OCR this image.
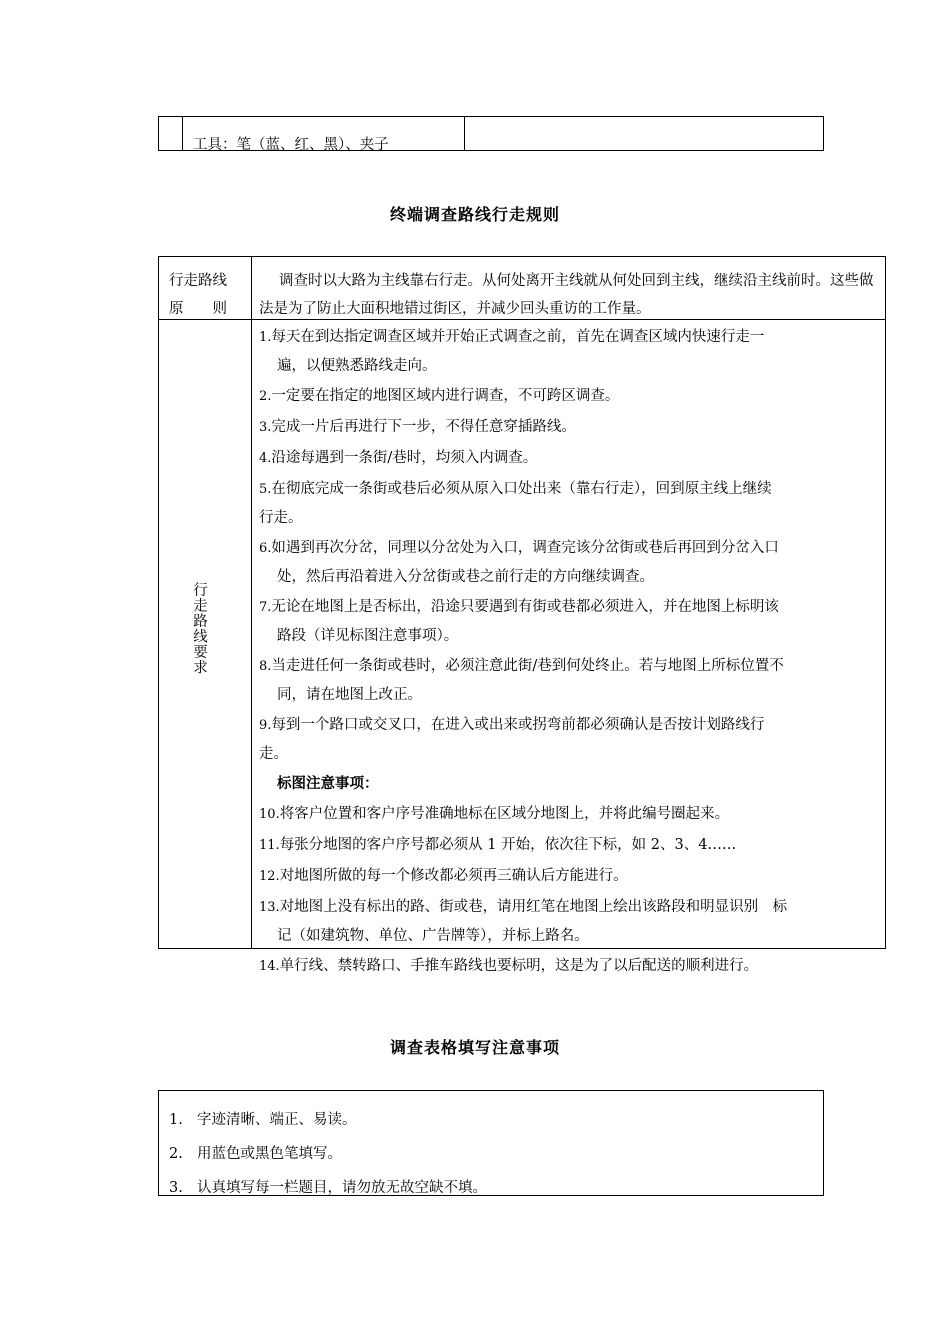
工具：笔（蓝、红、黑）、夹子
终端调查路线行走规则
行走路线
原　　则
调查时以大路为主线靠右行走。从何处离开主线就从何处回到主线，继续沿主线前时。这些做法是为了防止大面积地错过街区，并减少回头重访的工作量。
行走路线要求
1.每天在到达指定调查区域并开始正式调查之前，首先在调查区域内快速行走一
遍，以便熟悉路线走向。
2.一定要在指定的地图区域内进行调查，不可跨区调查。
3.完成一片后再进行下一步，不得任意穿插路线。
4.沿途每遇到一条街/巷时，均须入内调查。
5.在彻底完成一条街或巷后必须从原入口处出来（靠右行走），回到原主线上继续
行走。
6.如遇到再次分岔，同理以分岔处为入口，调查完该分岔街或巷后再回到分岔入口
处，然后再沿着进入分岔街或巷之前行走的方向继续调查。
7.无论在地图上是否标出，沿途只要遇到有街或巷都必须进入，并在地图上标明该
路段（详见标图注意事项）。
8.当走进任何一条街或巷时，必须注意此街/巷到何处终止。若与地图上所标位置不
同，请在地图上改正。
9.每到一个路口或交叉口，在进入或出来或拐弯前都必须确认是否按计划路线行
走。
标图注意事项：
10.将客户位置和客户序号准确地标在区域分地图上，并将此编号圈起来。
11.每张分地图的客户序号都必须从 1 开始，依次往下标，如 2、3、4……
12.对地图所做的每一个修改都必须再三确认后方能进行。
13.对地图上没有标出的路、街或巷，请用红笔在地图上绘出该路段和明显识别　标
记（如建筑物、单位、广告牌等），并标上路名。
14.单行线、禁转路口、手推车路线也要标明，这是为了以后配送的顺利进行。
调查表格填写注意事项
1. 字迹清晰、端正、易读。
2. 用蓝色或黑色笔填写。
3. 认真填写每一栏题目，请勿放无故空缺不填。
